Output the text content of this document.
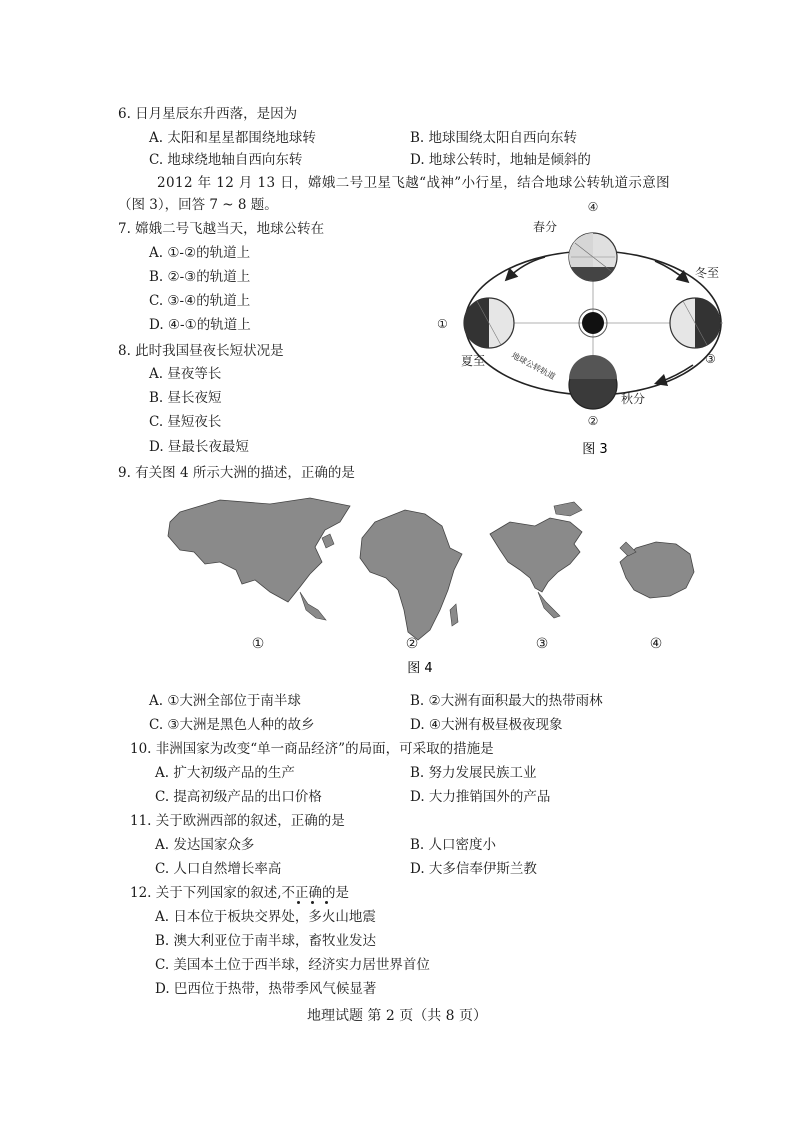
6. 日月星辰东升西落，是因为
A. 太阳和星星都围绕地球转	B. 地球围绕太阳自西向东转
C. 地球绕地轴自西向东转	D. 地球公转时，地轴是倾斜的
2012 年 12 月 13 日，嫦娥二号卫星飞越“战神”小行星，结合地球公转轨道示意图
（图 3），回答 7 ~ 8 题。
7. 嫦娥二号飞越当天，地球公转在
A. ①-②的轨道上
B. ②-③的轨道上
C. ③-④的轨道上
D. ④-①的轨道上
8. 此时我国昼夜长短状况是
A. 昼夜等长
B. 昼长夜短
C. 昼短夜长
D. 昼最长夜最短
④
春分
冬至
①
夏至	③
秋分
②
地球公转轨道
图 3
9. 有关图 4 所示大洲的描述，正确的是
①	②	③	④
图 4
A. ①大洲全部位于南半球	B. ②大洲有面积最大的热带雨林
C. ③大洲是黑色人种的故乡	D. ④大洲有极昼极夜现象
10. 非洲国家为改变“单一商品经济”的局面，可采取的措施是
A. 扩大初级产品的生产	B. 努力发展民族工业
C. 提高初级产品的出口价格	D. 大力推销国外的产品
11. 关于欧洲西部的叙述，正确的是
A. 发达国家众多	B. 人口密度小
C. 人口自然增长率高	D. 大多信奉伊斯兰教
12. 关于下列国家的叙述,不正确的是
A. 日本位于板块交界处，多火山地震
B. 澳大利亚位于南半球，畜牧业发达
C. 美国本土位于西半球，经济实力居世界首位
D. 巴西位于热带，热带季风气候显著
地理试题 第 2 页（共 8 页）
